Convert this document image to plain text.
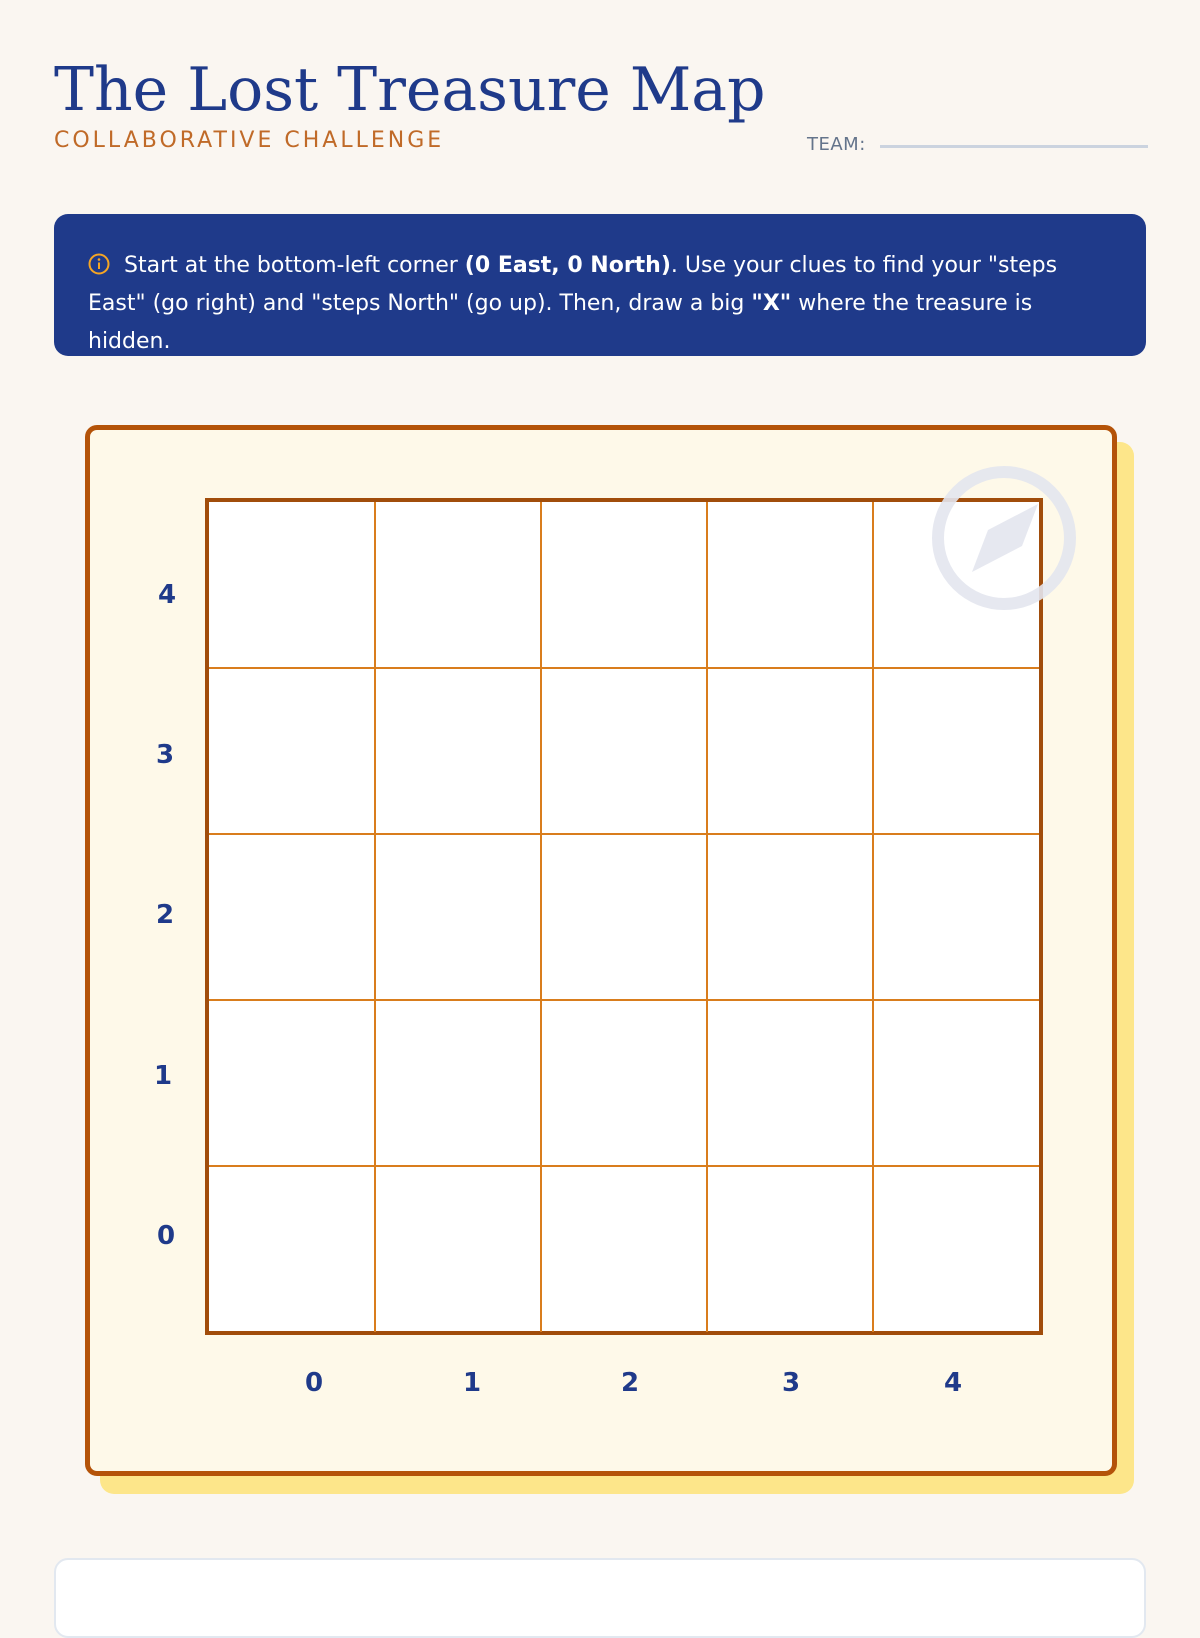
The Lost Treasure Map
COLLABORATIVE CHALLENGE	TEAM:
Start at the bottom-left corner (0 East, 0 North). Use your clues to find your "steps East" (go right) and "steps North" (go up). Then, draw a big "X" where the treasure is hidden.
4
3
2
1
0
0	1	2	3	4
